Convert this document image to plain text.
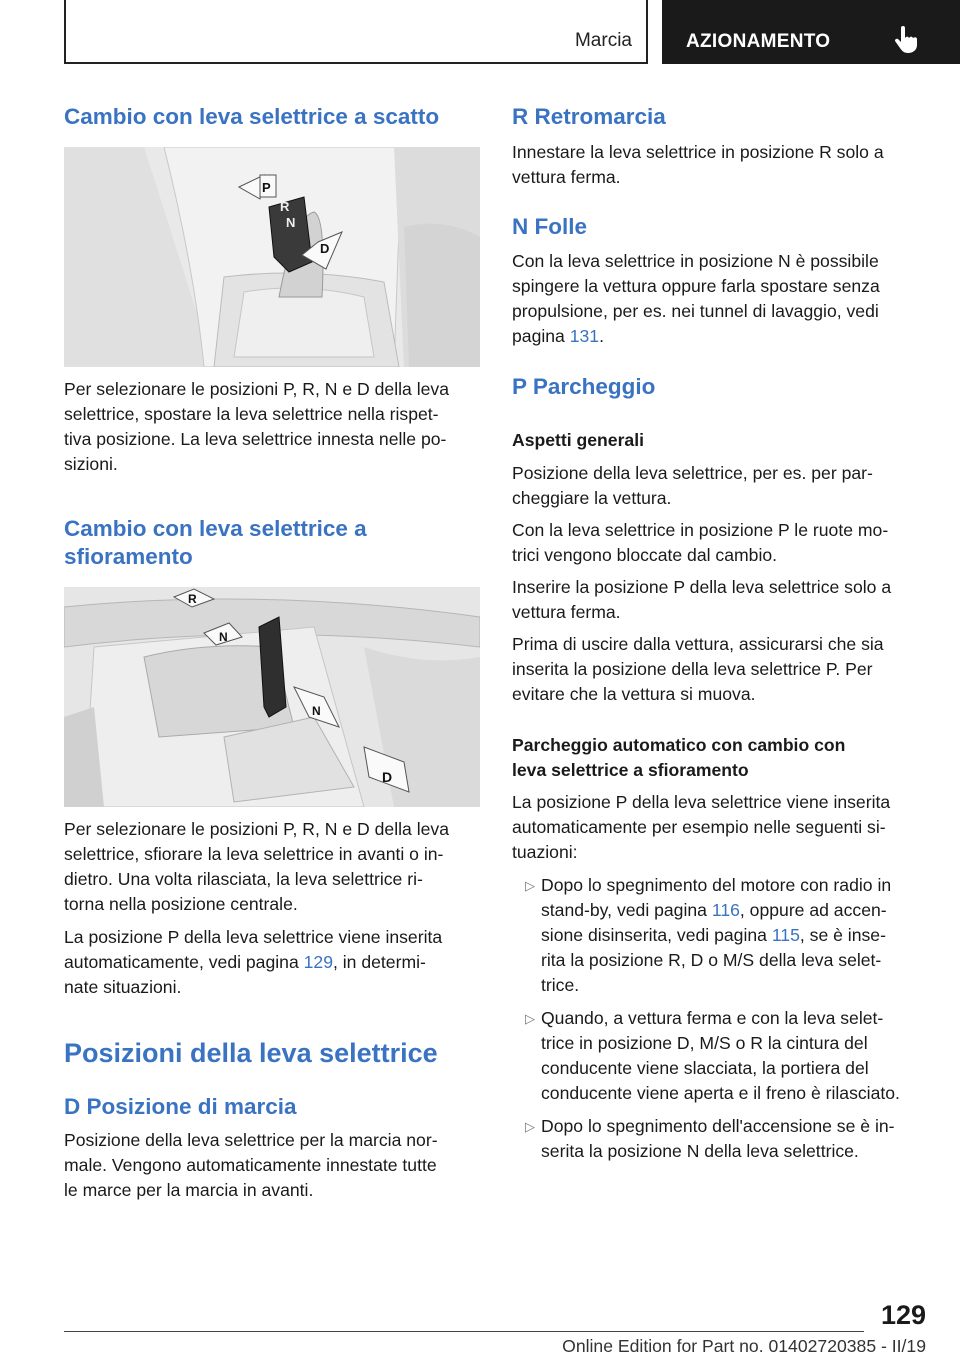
Marcia	AZIONAMENTO
Cambio con leva selettrice a scatto
P
R
N
D

Per selezionare le posizioni P, R, N e D della leva

selettrice, spostare la leva selettrice nella rispet-

tiva posizione. La leva selettrice innesta nelle po-

sizioni.

Cambio con leva selettrice a
sfioramento
R
N
N
D

Per selezionare le posizioni P, R, N e D della leva

selettrice, sfiorare la leva selettrice in avanti o in-

dietro. Una volta rilasciata, la leva selettrice ri-

torna nella posizione centrale.

La posizione P della leva selettrice viene inserita

automaticamente, vedi pagina 129, in determi-

nate situazioni.

Posizioni della leva selettrice
D Posizione di marcia

Posizione della leva selettrice per la marcia nor-

male. Vengono automaticamente innestate tutte

le marce per la marcia in avanti.

R Retromarcia

Innestare la leva selettrice in posizione R solo a

vettura ferma.

N Folle

Con la leva selettrice in posizione N è possibile

spingere la vettura oppure farla spostare senza

propulsione, per es. nei tunnel di lavaggio, vedi

pagina 131.

P Parcheggio

Aspetti generali

Posizione della leva selettrice, per es. per par-

cheggiare la vettura.

Con la leva selettrice in posizione P le ruote mo-

trici vengono bloccate dal cambio.

Inserire la posizione P della leva selettrice solo a

vettura ferma.

Prima di uscire dalla vettura, assicurarsi che sia

inserita la posizione della leva selettrice P. Per

evitare che la vettura si muova.

Parcheggio automatico con cambio con

leva selettrice a sfioramento

La posizione P della leva selettrice viene inserita

automaticamente per esempio nelle seguenti si-

tuazioni:

▷ Dopo lo spegnimento del motore con radio in

stand-by, vedi pagina 116, oppure ad accen-

sione disinserita, vedi pagina 115, se è inse-

rita la posizione R, D o M/S della leva selet-

trice.

▷ Quando, a vettura ferma e con la leva selet-

trice in posizione D, M/S o R la cintura del

conducente viene slacciata, la portiera del

conducente viene aperta e il freno è rilasciato.

▷ Dopo lo spegnimento dell'accensione se è in-

serita la posizione N della leva selettrice.

129
Online Edition for Part no. 01402720385 - II/19
